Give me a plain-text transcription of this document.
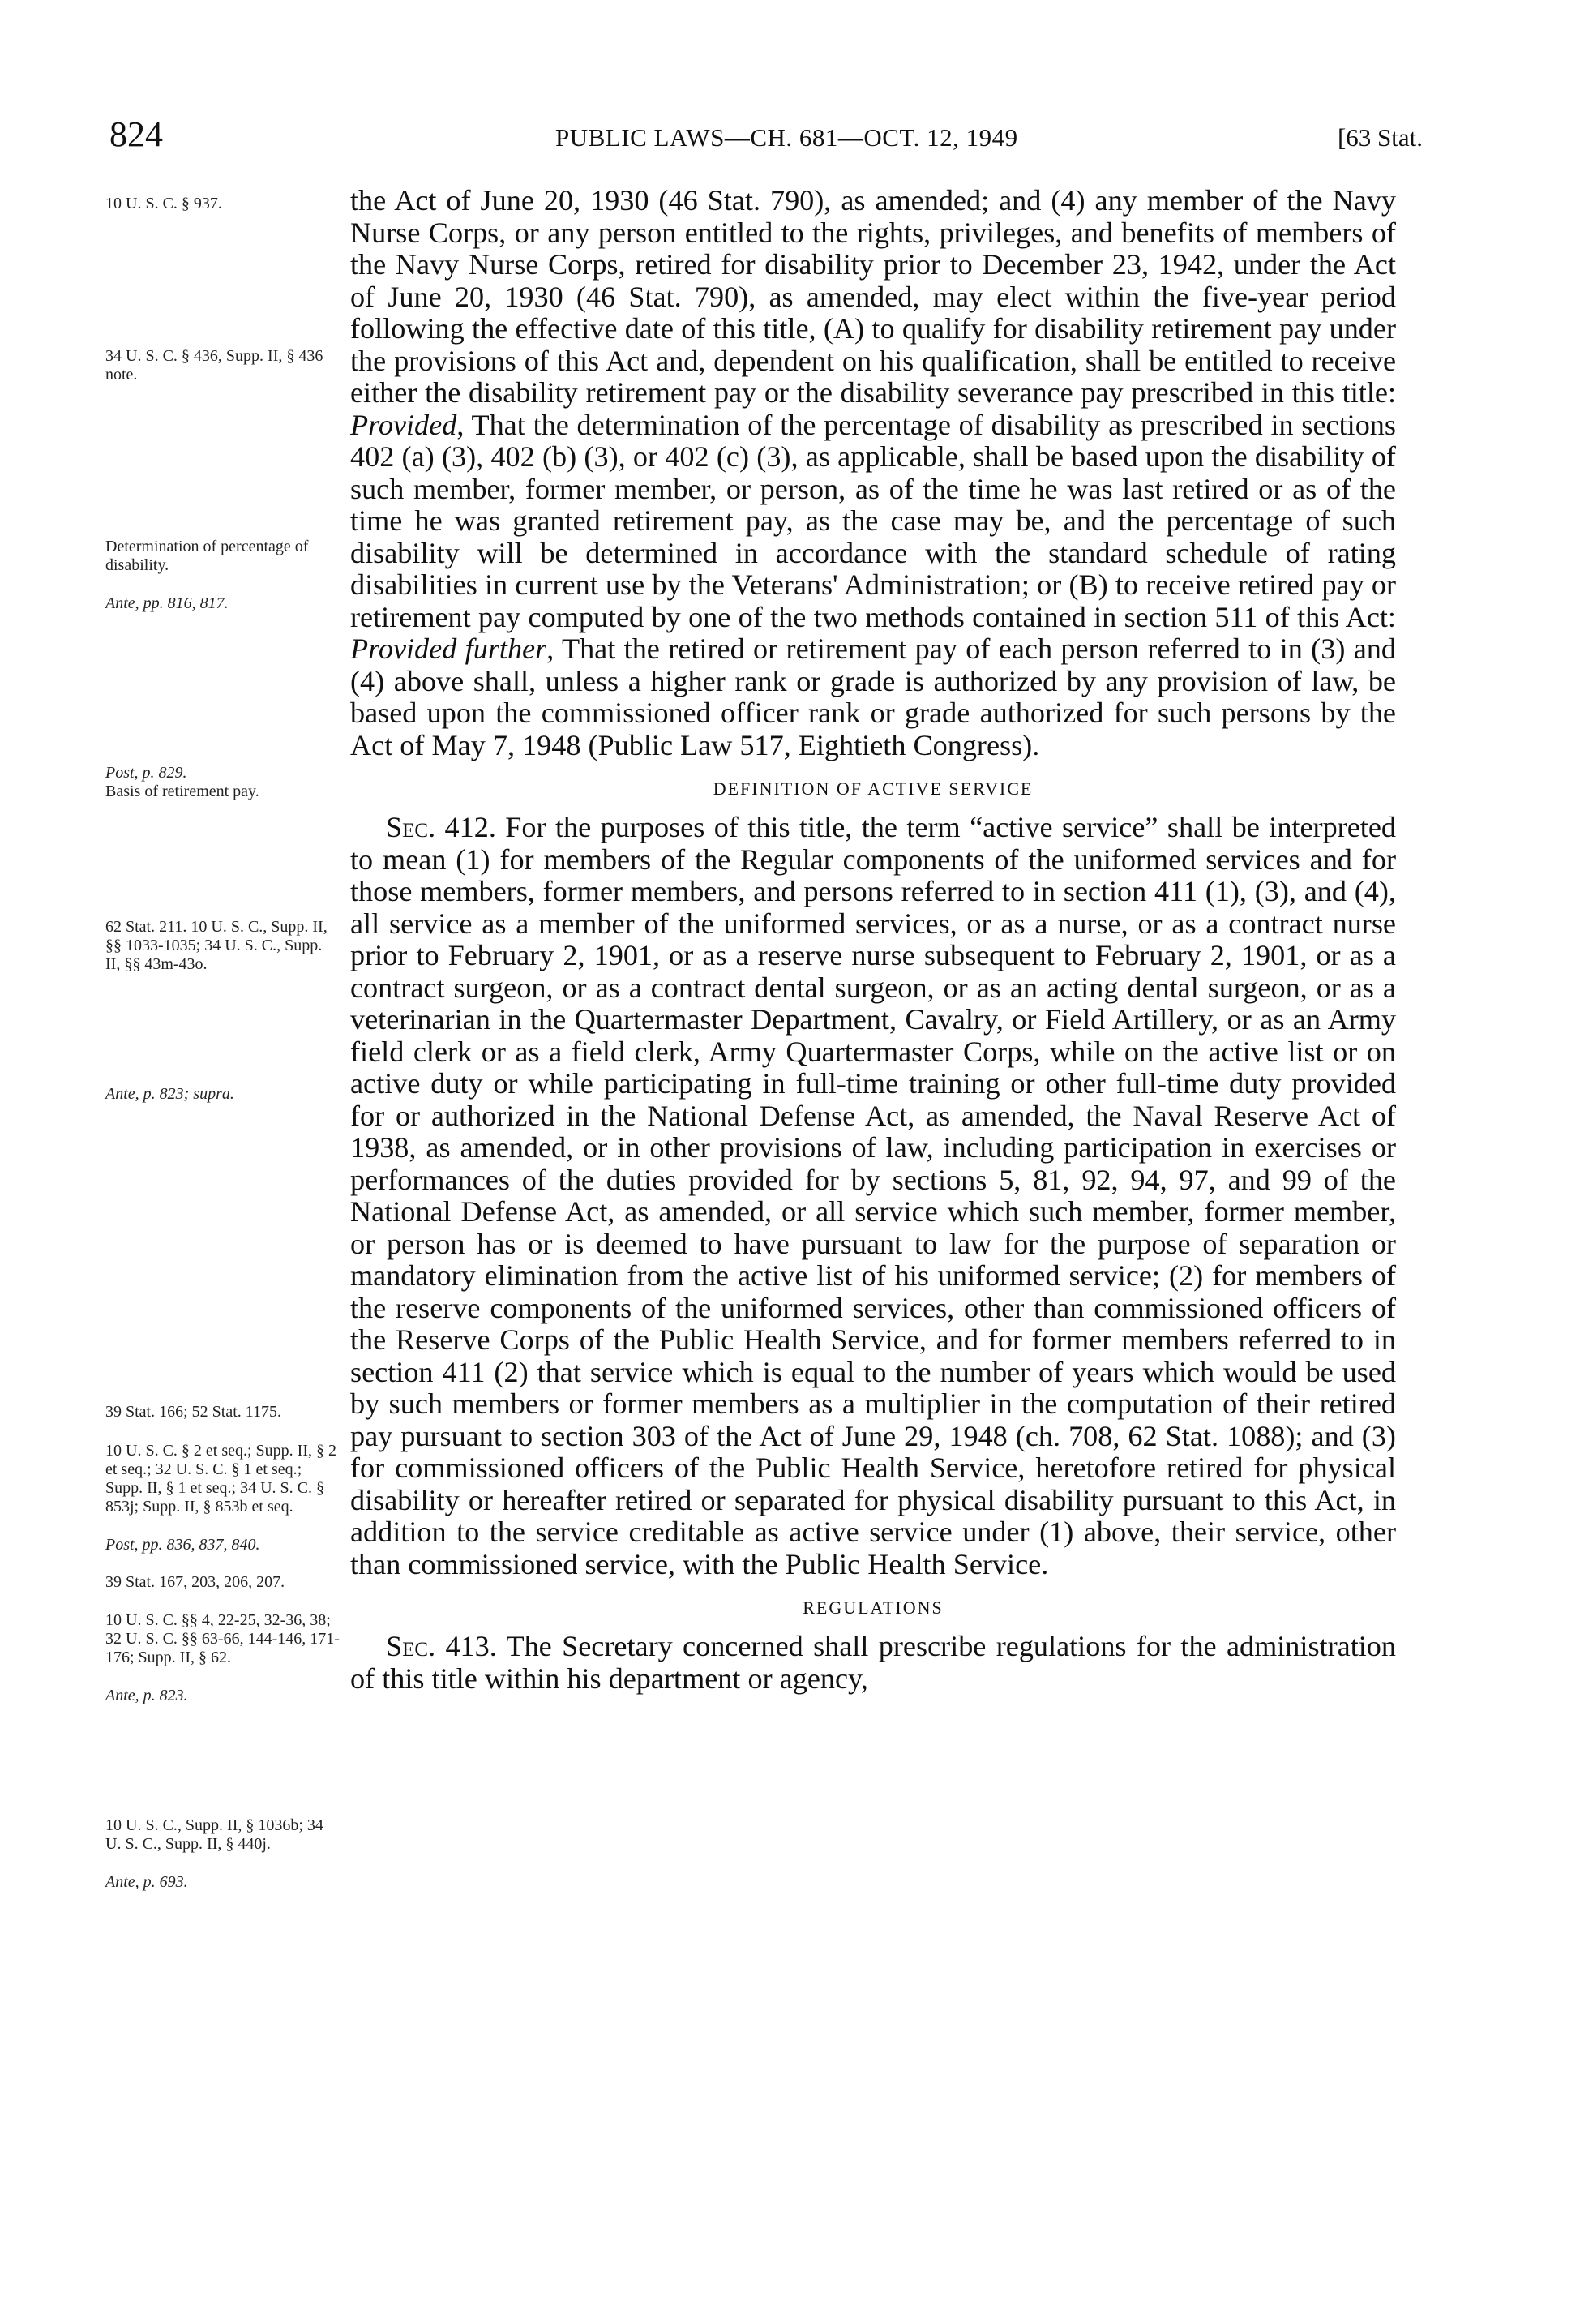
824	PUBLIC LAWS—CH. 681—OCT. 12, 1949	[63 Stat.
10 U. S. C. § 937.
34 U. S. C. § 436, Supp. II, § 436 note.
Determination of percentage of disability.
Ante, pp. 816, 817.
Post, p. 829.
Basis of retirement pay.
62 Stat. 211. 10 U. S. C., Supp. II, §§ 1033-1035; 34 U. S. C., Supp. II, §§ 43m-43o.
Ante, p. 823; supra.
39 Stat. 166; 52 Stat. 1175.
10 U. S. C. § 2 et seq.; Supp. II, § 2 et seq.; 32 U. S. C. § 1 et seq.; Supp. II, § 1 et seq.; 34 U. S. C. § 853j; Supp. II, § 853b et seq.
Post, pp. 836, 837, 840.
39 Stat. 167, 203, 206, 207.
10 U. S. C. §§ 4, 22-25, 32-36, 38; 32 U. S. C. §§ 63-66, 144-146, 171-176; Supp. II, § 62.
Ante, p. 823.
10 U. S. C., Supp. II, § 1036b; 34 U. S. C., Supp. II, § 440j.
Ante, p. 693.

the Act of June 20, 1930 (46 Stat. 790), as amended; and (4) any member of the Navy Nurse Corps, or any person entitled to the rights, privileges, and benefits of members of the Navy Nurse Corps, retired for disability prior to December 23, 1942, under the Act of June 20, 1930 (46 Stat. 790), as amended, may elect within the five-year period following the effective date of this title, (A) to qualify for disability retirement pay under the provisions of this Act and, dependent on his qualification, shall be entitled to receive either the disability retirement pay or the disability severance pay prescribed in this title: Provided, That the determination of the percentage of disability as prescribed in sections 402 (a) (3), 402 (b) (3), or 402 (c) (3), as applicable, shall be based upon the disability of such member, former member, or person, as of the time he was last retired or as of the time he was granted retirement pay, as the case may be, and the percentage of such disability will be determined in accordance with the standard schedule of rating disabilities in current use by the Veterans' Administration; or (B) to receive retired pay or retirement pay computed by one of the two methods contained in section 511 of this Act: Provided further, That the retired or retirement pay of each person referred to in (3) and (4) above shall, unless a higher rank or grade is authorized by any provision of law, be based upon the commissioned officer rank or grade authorized for such persons by the Act of May 7, 1948 (Public Law 517, Eightieth Congress).

DEFINITION OF ACTIVE SERVICE

Sec. 412. For the purposes of this title, the term “active service” shall be interpreted to mean (1) for members of the Regular components of the uniformed services and for those members, former members, and persons referred to in section 411 (1), (3), and (4), all service as a member of the uniformed services, or as a nurse, or as a contract nurse prior to February 2, 1901, or as a reserve nurse subsequent to February 2, 1901, or as a contract surgeon, or as a contract dental surgeon, or as an acting dental surgeon, or as a veterinarian in the Quartermaster Department, Cavalry, or Field Artillery, or as an Army field clerk or as a field clerk, Army Quartermaster Corps, while on the active list or on active duty or while participating in full-time training or other full-time duty provided for or authorized in the National Defense Act, as amended, the Naval Reserve Act of 1938, as amended, or in other provisions of law, including participation in exercises or performances of the duties provided for by sections 5, 81, 92, 94, 97, and 99 of the National Defense Act, as amended, or all service which such member, former member, or person has or is deemed to have pursuant to law for the purpose of separation or mandatory elimination from the active list of his uniformed service; (2) for members of the reserve components of the uniformed services, other than commissioned officers of the Reserve Corps of the Public Health Service, and for former members referred to in section 411 (2) that service which is equal to the number of years which would be used by such members or former members as a multiplier in the computation of their retired pay pursuant to section 303 of the Act of June 29, 1948 (ch. 708, 62 Stat. 1088); and (3) for commissioned officers of the Public Health Service, heretofore retired for physical disability or hereafter retired or separated for physical disability pursuant to this Act, in addition to the service creditable as active service under (1) above, their service, other than commissioned service, with the Public Health Service.

REGULATIONS

Sec. 413. The Secretary concerned shall prescribe regulations for the administration of this title within his department or agency,
